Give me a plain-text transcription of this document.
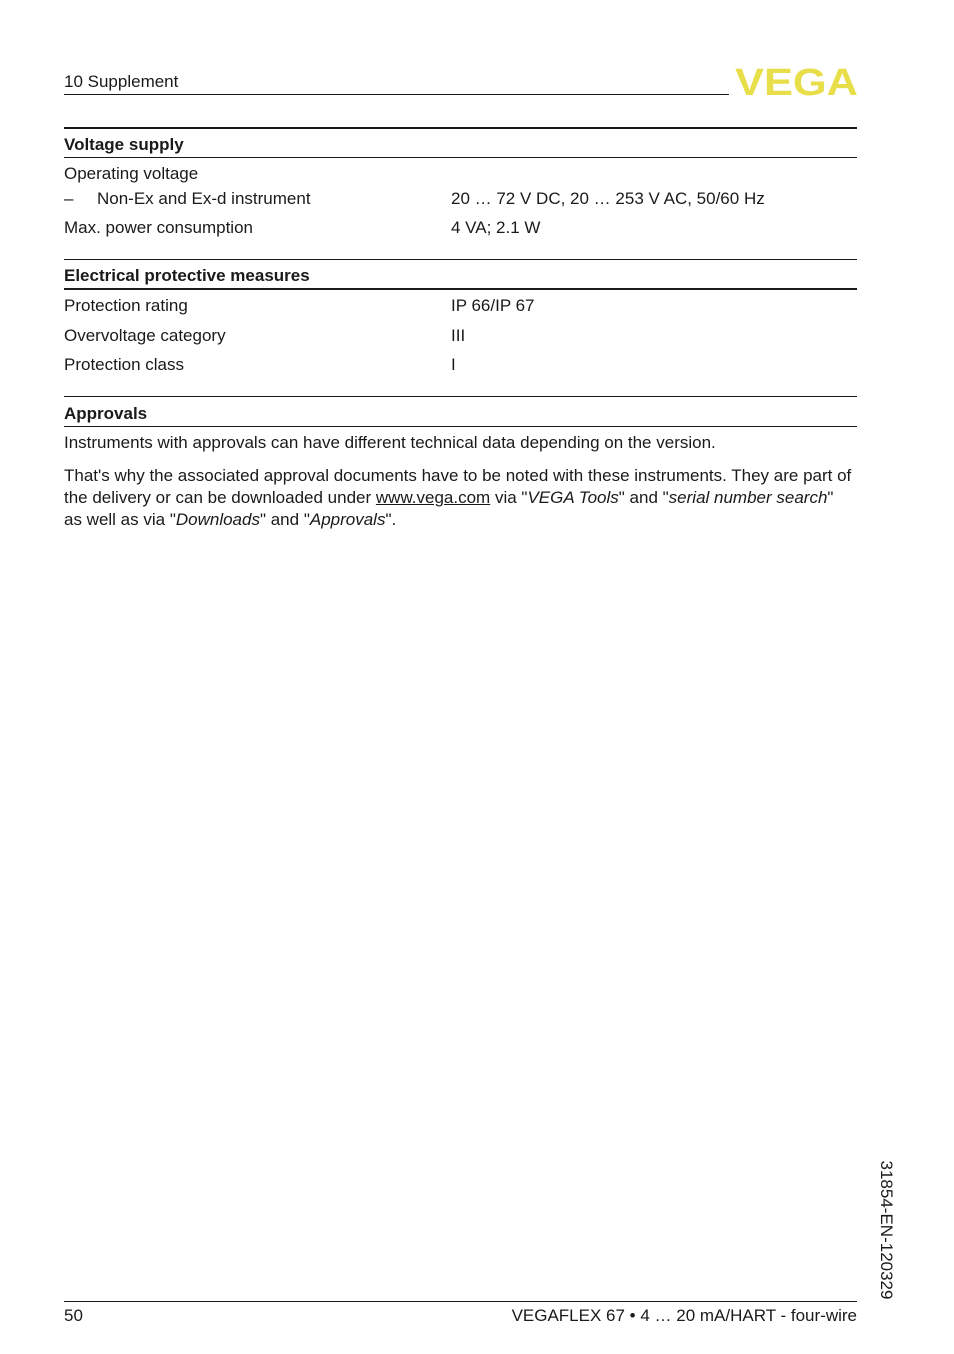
10 Supplement	VEGA
Voltage supply
Operating voltage
– Non-Ex and Ex-d instrument	20 … 72 V DC, 20 … 253 V AC, 50/60 Hz
Max. power consumption	4 VA; 2.1 W
Electrical protective measures
Protection rating	IP 66/IP 67
Overvoltage category	III
Protection class	I
Approvals
Instruments with approvals can have different technical data depending on the version.
That's why the associated approval documents have to be noted with these instruments. They are part of the delivery or can be downloaded under www.vega.com via "VEGA Tools" and "serial number search" as well as via "Downloads" and "Approvals".
31854-EN-120329
50	VEGAFLEX 67 • 4 … 20 mA/HART - four-wire
